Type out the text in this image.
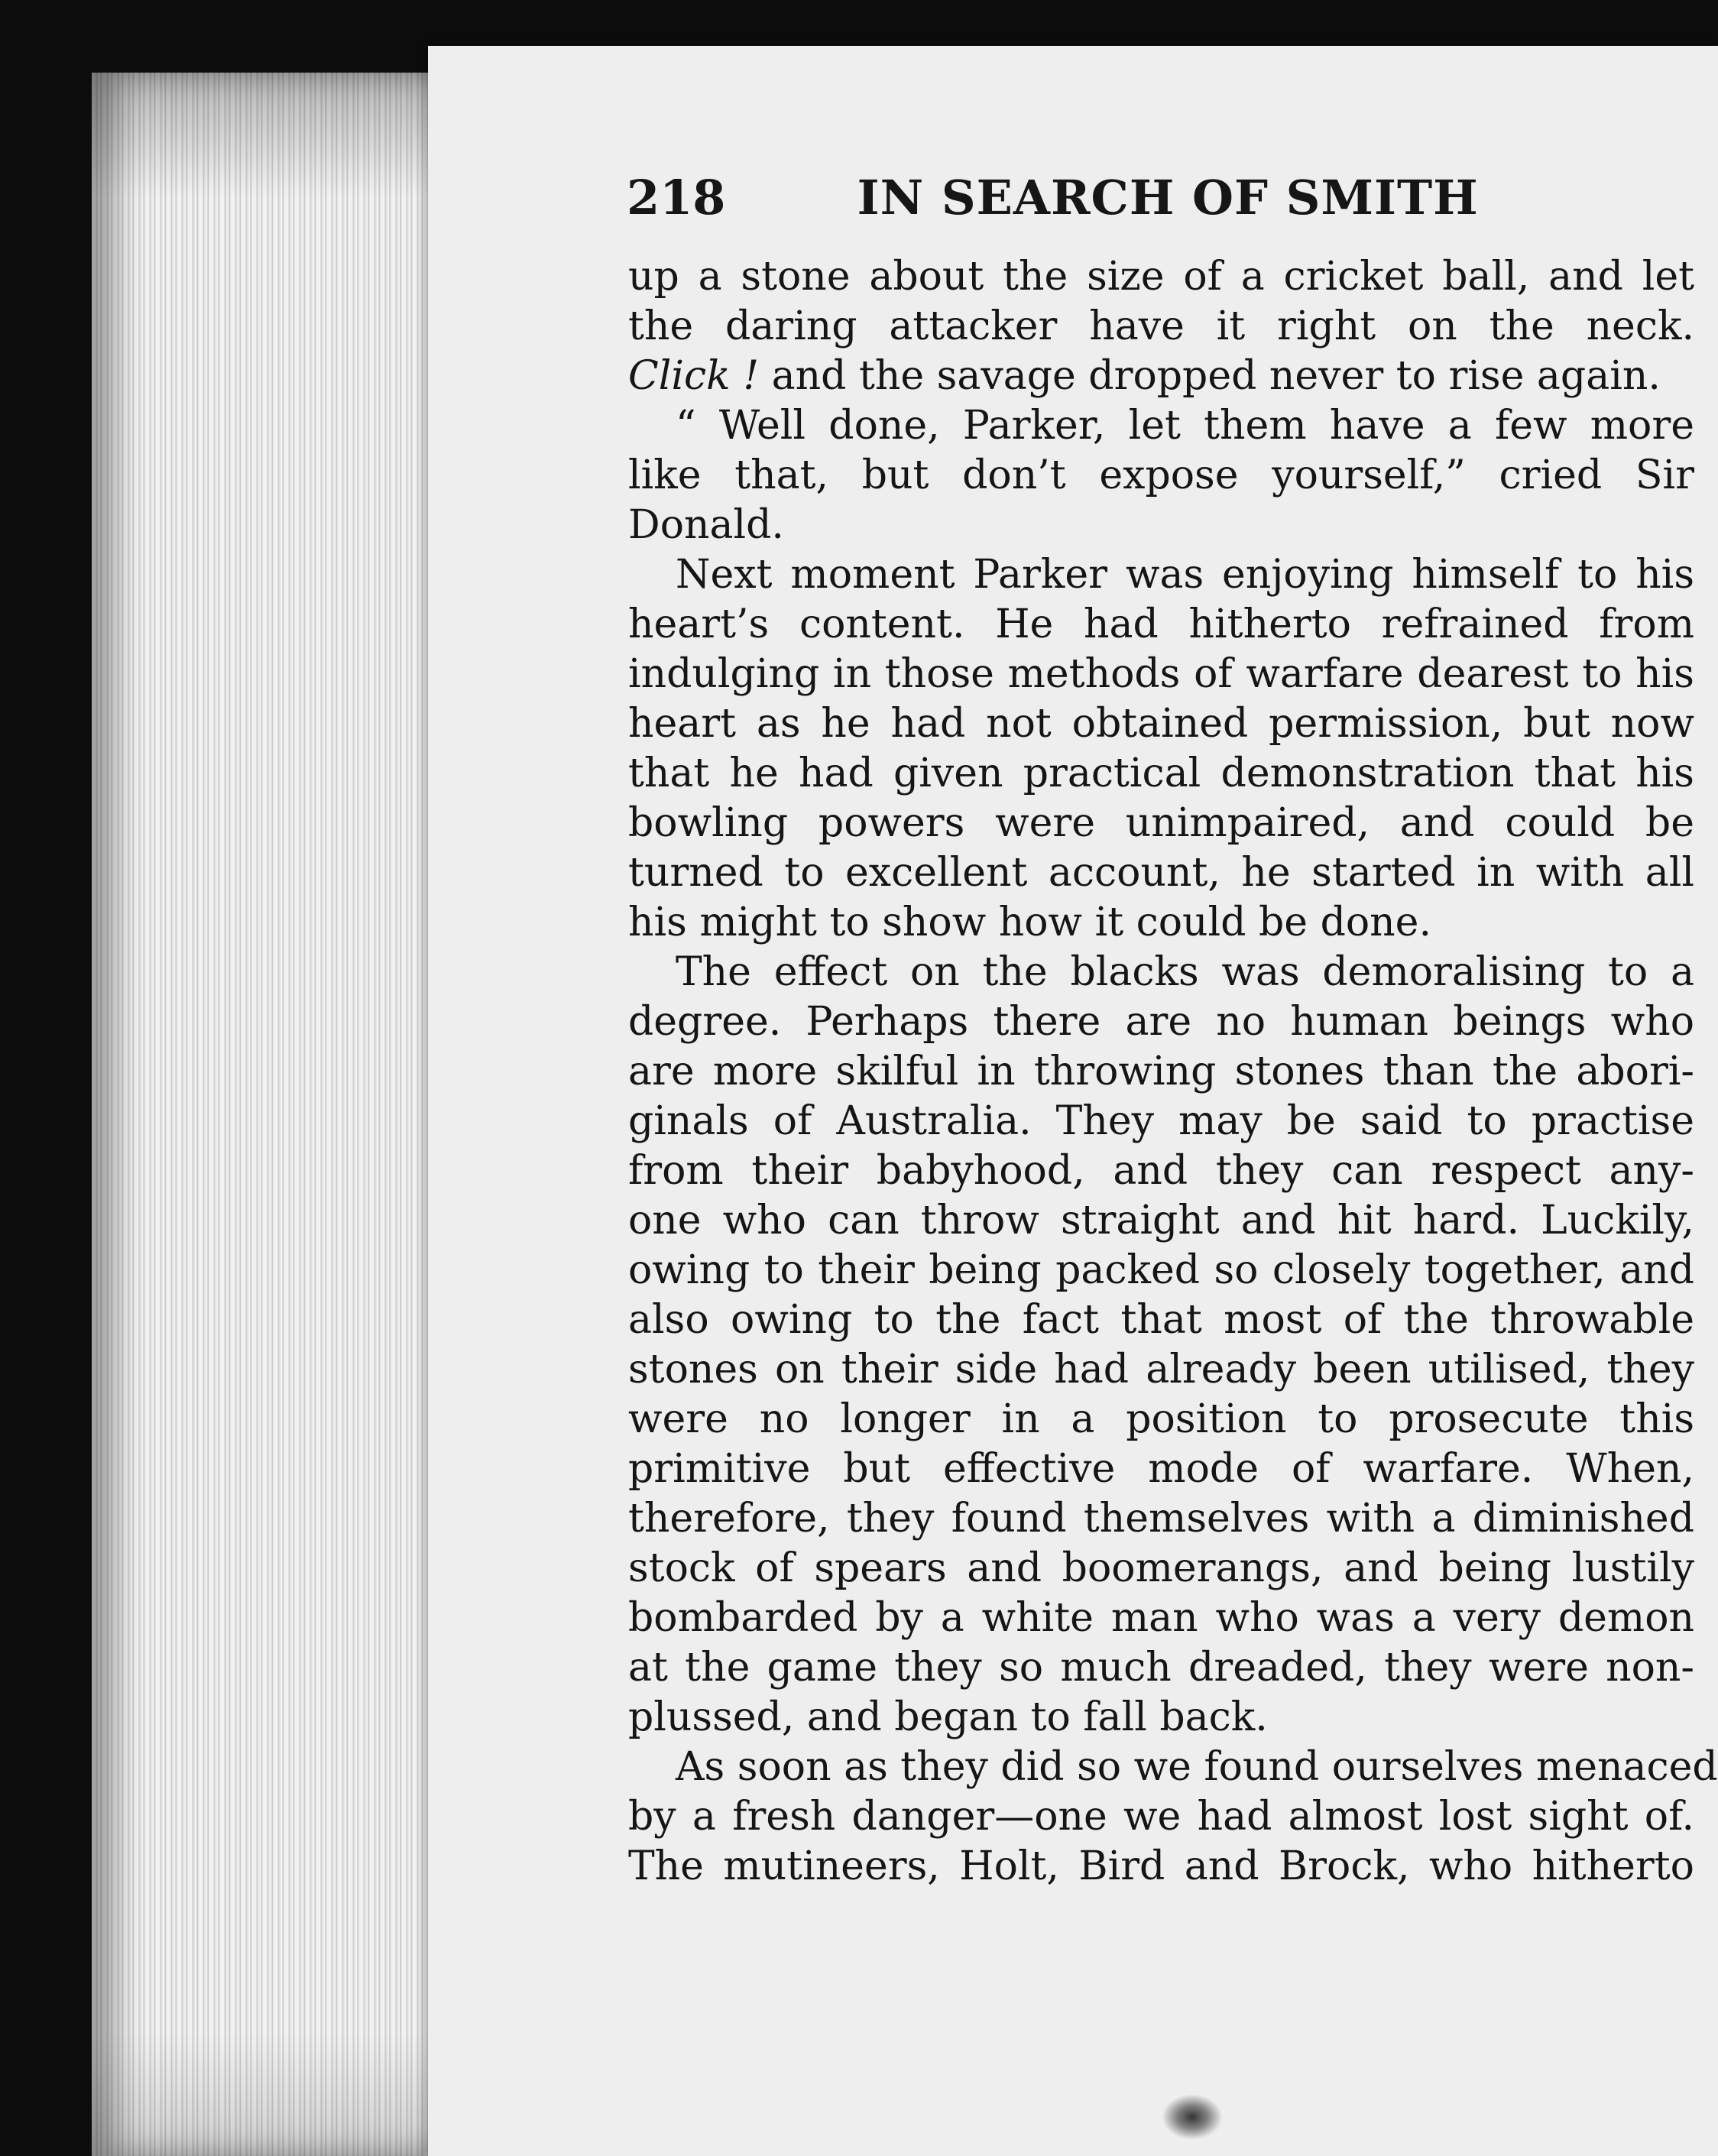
218	IN SEARCH OF SMITH
up a stone about the size of a cricket ball, and let
the daring attacker have it right on the neck.
Click ! and the savage dropped never to rise again.
“ Well done, Parker, let them have a few more
like that, but don’t expose yourself,” cried Sir
Donald.
Next moment Parker was enjoying himself to his
heart’s content. He had hitherto refrained from
indulging in those methods of warfare dearest to his
heart as he had not obtained permission, but now
that he had given practical demonstration that his
bowling powers were unimpaired, and could be
turned to excellent account, he started in with all
his might to show how it could be done.
The effect on the blacks was demoralising to a
degree. Perhaps there are no human beings who
are more skilful in throwing stones than the abori-
ginals of Australia. They may be said to practise
from their babyhood, and they can respect any-
one who can throw straight and hit hard. Luckily,
owing to their being packed so closely together, and
also owing to the fact that most of the throwable
stones on their side had already been utilised, they
were no longer in a position to prosecute this
primitive but effective mode of warfare. When,
therefore, they found themselves with a diminished
stock of spears and boomerangs, and being lustily
bombarded by a white man who was a very demon
at the game they so much dreaded, they were non-
plussed, and began to fall back.
As soon as they did so we found ourselves menaced
by a fresh danger—one we had almost lost sight of.
The mutineers, Holt, Bird and Brock, who hitherto
